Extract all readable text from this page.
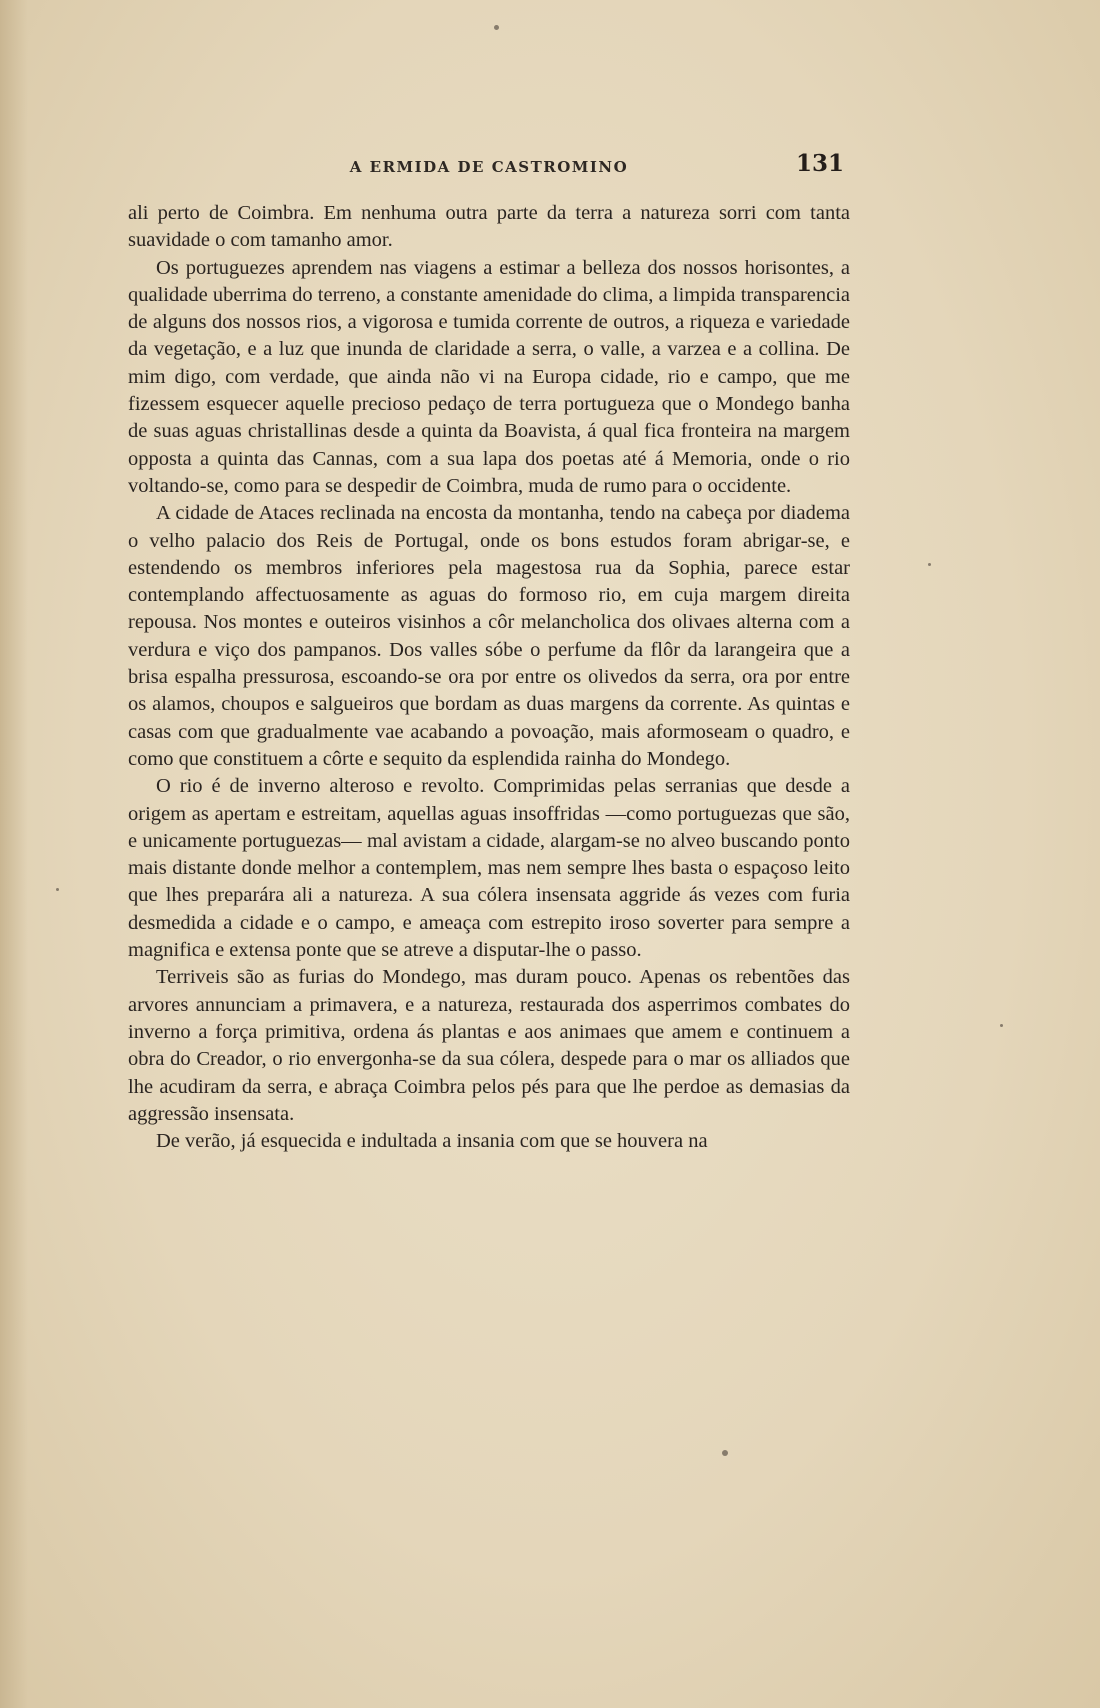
A ERMIDA DE CASTROMINO	131

ali perto de Coimbra. Em nenhuma outra parte da terra a natureza sorri com tanta suavidade o com tamanho amor.

Os portuguezes aprendem nas viagens a estimar a belleza dos nossos horisontes, a qualidade uberrima do terreno, a constante amenidade do clima, a limpida transparencia de alguns dos nossos rios, a vigorosa e tumida corrente de outros, a riqueza e variedade da vegetação, e a luz que inunda de claridade a serra, o valle, a varzea e a collina. De mim digo, com verdade, que ainda não vi na Europa cidade, rio e campo, que me fizessem esquecer aquelle precioso pedaço de terra portugueza que o Mondego banha de suas aguas christallinas desde a quinta da Boavista, á qual fica fronteira na margem opposta a quinta das Cannas, com a sua lapa dos poetas até á Memoria, onde o rio voltando-se, como para se despedir de Coimbra, muda de rumo para o occidente.

A cidade de Ataces reclinada na encosta da montanha, tendo na cabeça por diadema o velho palacio dos Reis de Portugal, onde os bons estudos foram abrigar-se, e estendendo os membros inferiores pela magestosa rua da Sophia, parece estar contemplando affectuosamente as aguas do formoso rio, em cuja margem direita repousa. Nos montes e outeiros visinhos a côr melancholica dos olivaes alterna com a verdura e viço dos pampanos. Dos valles sóbe o perfume da flôr da larangeira que a brisa espalha pressurosa, escoando-se ora por entre os olivedos da serra, ora por entre os alamos, choupos e salgueiros que bordam as duas margens da corrente. As quintas e casas com que gradualmente vae acabando a povoação, mais aformoseam o quadro, e como que constituem a côrte e sequito da esplendida rainha do Mondego.

O rio é de inverno alteroso e revolto. Comprimidas pelas serranias que desde a origem as apertam e estreitam, aquellas aguas insoffridas —como portuguezas que são, e unicamente portuguezas— mal avistam a cidade, alargam-se no alveo buscando ponto mais distante donde melhor a contemplem, mas nem sempre lhes basta o espaçoso leito que lhes preparára ali a natureza. A sua cólera insensata aggride ás vezes com furia desmedida a cidade e o campo, e ameaça com estrepito iroso soverter para sempre a magnifica e extensa ponte que se atreve a disputar-lhe o passo.

Terriveis são as furias do Mondego, mas duram pouco. Apenas os rebentões das arvores annunciam a primavera, e a natureza, restaurada dos asperrimos combates do inverno a força primitiva, ordena ás plantas e aos animaes que amem e continuem a obra do Creador, o rio envergonha-se da sua cólera, despede para o mar os alliados que lhe acudiram da serra, e abraça Coimbra pelos pés para que lhe perdoe as demasias da aggressão insensata.

De verão, já esquecida e indultada a insania com que se houvera na
